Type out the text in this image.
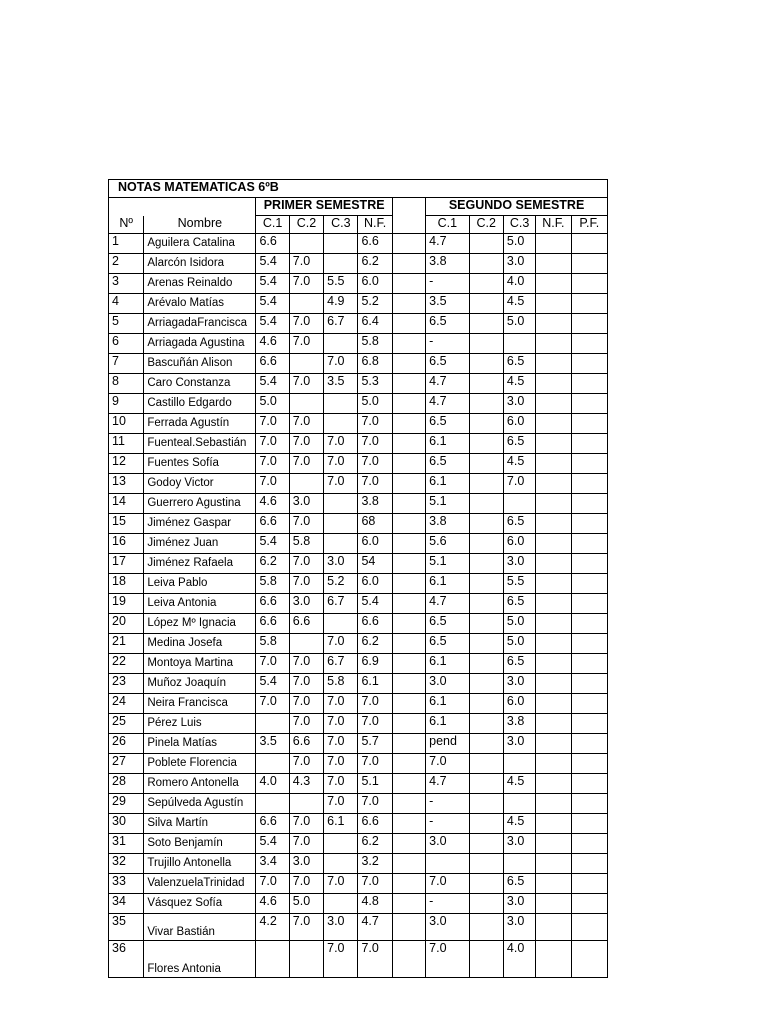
NOTAS MATEMATICAS 6ºB											
		PRIMER SEMESTRE					SEGUNDO SEMESTRE				
Nº	Nombre	C.1	C.2	C.3	N.F.		C.1	C.2	C.3	N.F.	P.F.
1	Aguilera Catalina	6.6			6.6		4.7		5.0		
2	Alarcón Isidora	5.4	7.0		6.2		3.8		3.0		
3	Arenas Reinaldo	5.4	7.0	5.5	6.0		-		4.0		
4	Arévalo Matías	5.4		4.9	5.2		3.5		4.5		
5	ArriagadaFrancisca	5.4	7.0	6.7	6.4		6.5		5.0		
6	Arriagada Agustina	4.6	7.0		5.8		-				
7	Bascuñán Alison	6.6		7.0	6.8		6.5		6.5		
8	Caro Constanza	5.4	7.0	3.5	5.3		4.7		4.5		
9	Castillo Edgardo	5.0			5.0		4.7		3.0		
10	Ferrada Agustín	7.0	7.0		7.0		6.5		6.0		
11	Fuenteal.Sebastián	7.0	7.0	7.0	7.0		6.1		6.5		
12	Fuentes Sofía	7.0	7.0	7.0	7.0		6.5		4.5		
13	Godoy Victor	7.0		7.0	7.0		6.1		7.0		
14	Guerrero Agustina	4.6	3.0		3.8		5.1				
15	Jiménez Gaspar	6.6	7.0		68		3.8		6.5		
16	Jiménez Juan	5.4	5.8		6.0		5.6		6.0		
17	Jiménez Rafaela	6.2	7.0	3.0	54		5.1		3.0		
18	Leiva Pablo	5.8	7.0	5.2	6.0		6.1		5.5		
19	Leiva Antonia	6.6	3.0	6.7	5.4		4.7		6.5		
20	López Mº Ignacia	6.6	6.6		6.6		6.5		5.0		
21	Medina Josefa	5.8		7.0	6.2		6.5		5.0		
22	Montoya Martina	7.0	7.0	6.7	6.9		6.1		6.5		
23	Muñoz Joaquín	5.4	7.0	5.8	6.1		3.0		3.0		
24	Neira Francisca	7.0	7.0	7.0	7.0		6.1		6.0		
25	Pérez Luis		7.0	7.0	7.0		6.1		3.8		
26	Pinela Matías	3.5	6.6	7.0	5.7		pend		3.0		
27	Poblete Florencia		7.0	7.0	7.0		7.0				
28	Romero Antonella	4.0	4.3	7.0	5.1		4.7		4.5		
29	Sepúlveda Agustín			7.0	7.0		-				
30	Silva Martín	6.6	7.0	6.1	6.6		-		4.5		
31	Soto Benjamín	5.4	7.0		6.2		3.0		3.0		
32	Trujillo Antonella	3.4	3.0		3.2						
33	ValenzuelaTrinidad	7.0	7.0	7.0	7.0		7.0		6.5		
34	Vásquez Sofía	4.6	5.0		4.8		-		3.0		
35	Vivar Bastián	4.2	7.0	3.0	4.7		3.0		3.0		
36	Flores Antonia			7.0	7.0		7.0		4.0		
